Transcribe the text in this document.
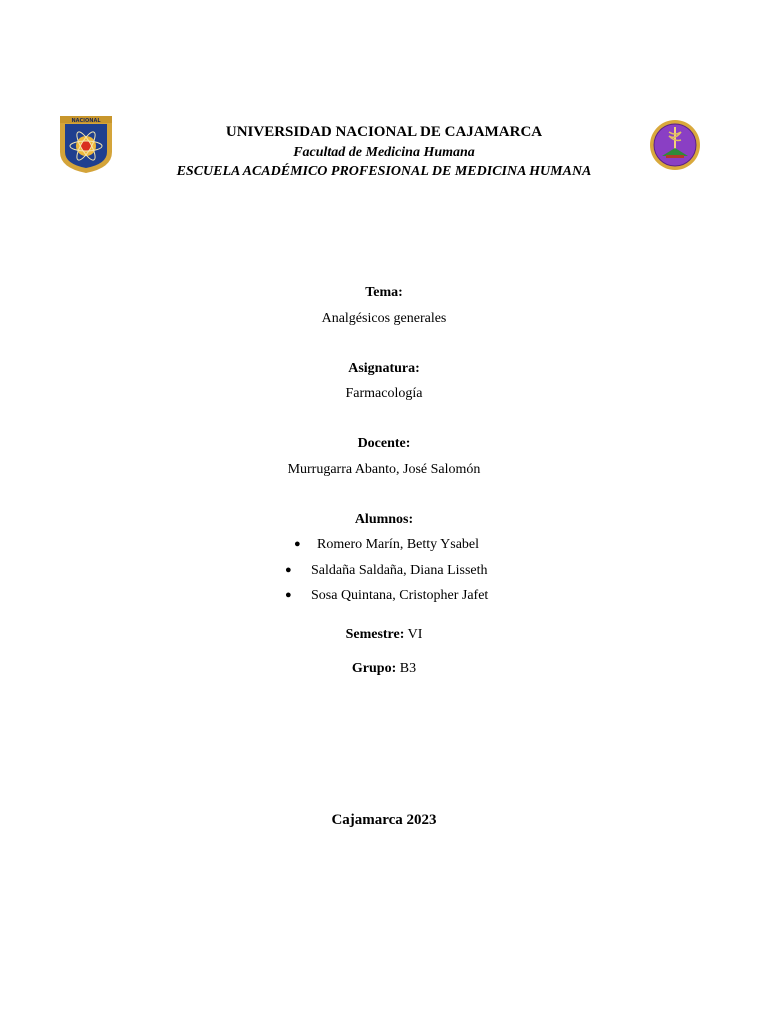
NACIONAL
UNIVERSIDAD NACIONAL DE CAJAMARCA
Facultad de Medicina Humana
ESCUELA ACADÉMICO PROFESIONAL DE MEDICINA HUMANA
Tema:
Analgésicos generales
Asignatura:
Farmacología
Docente:
Murrugarra Abanto, José Salomón
Alumnos:
● Romero Marín, Betty Ysabel
● Saldaña Saldaña, Diana Lisseth
● Sosa Quintana, Cristopher Jafet
Semestre: VI
Grupo: B3
Cajamarca 2023
